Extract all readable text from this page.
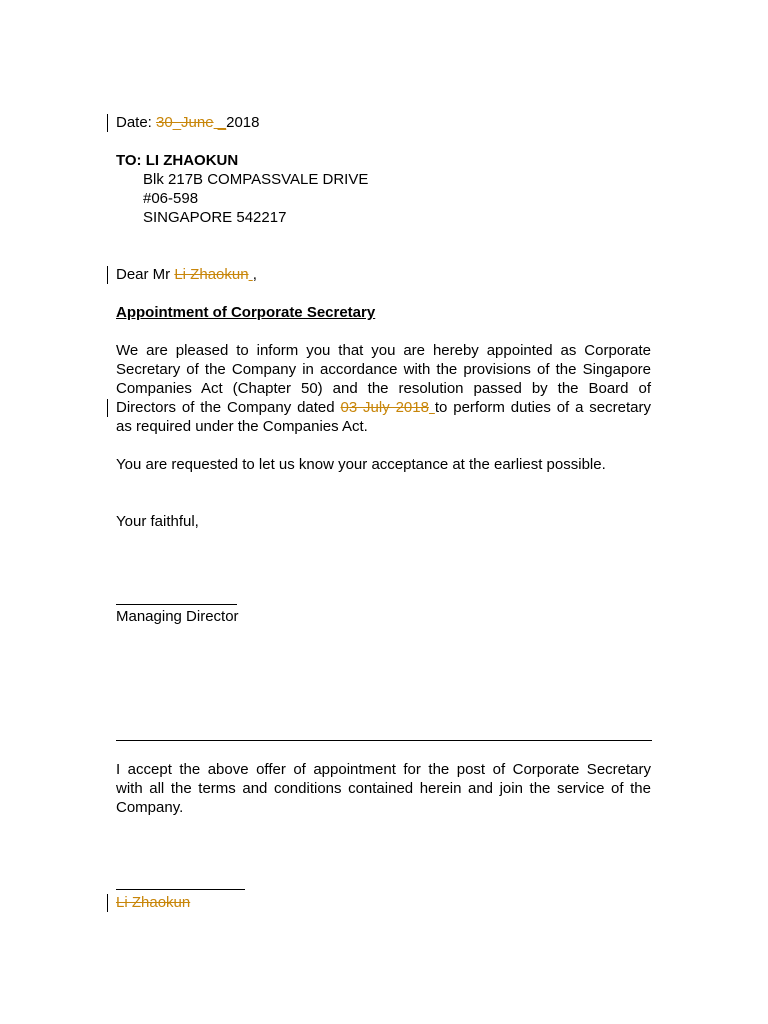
Date: 30_June _2018
TO: LI ZHAOKUN
Blk 217B COMPASSVALE DRIVE
#06-598
SINGAPORE 542217
Dear Mr Li Zhaokun ,
Appointment of Corporate Secretary
We are pleased to inform you that you are hereby appointed as Corporate
Secretary of the Company in accordance with the provisions of the Singapore
Companies Act (Chapter 50) and the resolution passed by the Board of
Directors of the Company dated 03 July 2018 to perform duties of a secretary
as required under the Companies Act.
You are requested to let us know your acceptance at the earliest possible.
Your faithful,
Managing Director
I accept the above offer of appointment for the post of Corporate Secretary
with all the terms and conditions contained herein and join the service of the
Company.
Li Zhaokun
